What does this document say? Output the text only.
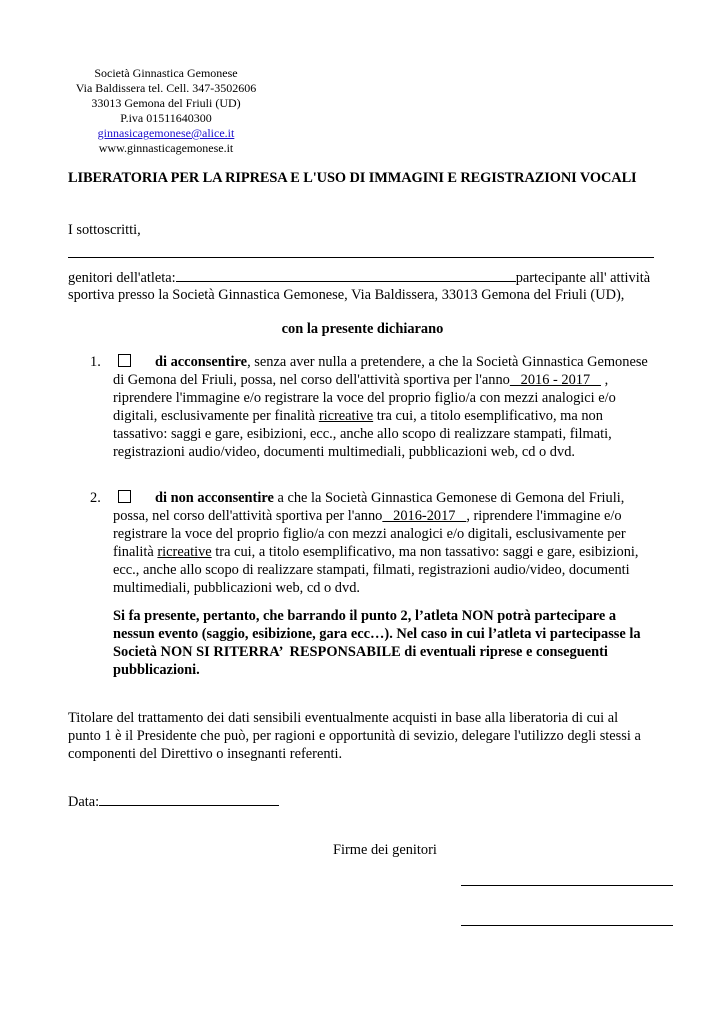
Società Ginnastica Gemonese
Via Baldissera tel. Cell. 347-3502606
33013 Gemona del Friuli (UD)
P.iva 01511640300
ginnasicagemonese@alice.it
www.ginnasticagemonese.it
LIBERATORIA PER LA RIPRESA E L'USO DI IMMAGINI E REGISTRAZIONI VOCALI
I sottoscritti,
genitori dell'atleta:	partecipante all' attività
sportiva presso la Società Ginnastica Gemonese, Via Baldissera, 33013 Gemona del Friuli (UD),
con la presente dichiarano
1.	di acconsentire, senza aver nulla a pretendere, a che la Società Ginnastica Gemonese
di Gemona del Friuli, possa, nel corso dell'attività sportiva per l'anno   2016 - 2017    ,
riprendere l'immagine e/o registrare la voce del proprio figlio/a con mezzi analogici e/o
digitali, esclusivamente per finalità ricreative tra cui, a titolo esemplificativo, ma non
tassativo: saggi e gare, esibizioni, ecc., anche allo scopo di realizzare stampati, filmati,
registrazioni audio/video, documenti multimediali, pubblicazioni web, cd o dvd.
2.	di non acconsentire a che la Società Ginnastica Gemonese di Gemona del Friuli,
possa, nel corso dell'attività sportiva per l'anno   2016-2017   , riprendere l'immagine e/o
registrare la voce del proprio figlio/a con mezzi analogici e/o digitali, esclusivamente per
finalità ricreative tra cui, a titolo esemplificativo, ma non tassativo: saggi e gare, esibizioni,
ecc., anche allo scopo di realizzare stampati, filmati, registrazioni audio/video, documenti
multimediali, pubblicazioni web, cd o dvd.
Si fa presente, pertanto, che barrando il punto 2, l’atleta NON potrà partecipare a
nessun evento (saggio, esibizione, gara ecc…). Nel caso in cui l’atleta vi partecipasse la
Società NON SI RITERRA’  RESPONSABILE di eventuali riprese e conseguenti
pubblicazioni.
Titolare del trattamento dei dati sensibili eventualmente acquisti in base alla liberatoria di cui al
punto 1 è il Presidente che può, per ragioni e opportunità di sevizio, delegare l'utilizzo degli stessi a
componenti del Direttivo o insegnanti referenti.
Data:
Firme dei genitori
